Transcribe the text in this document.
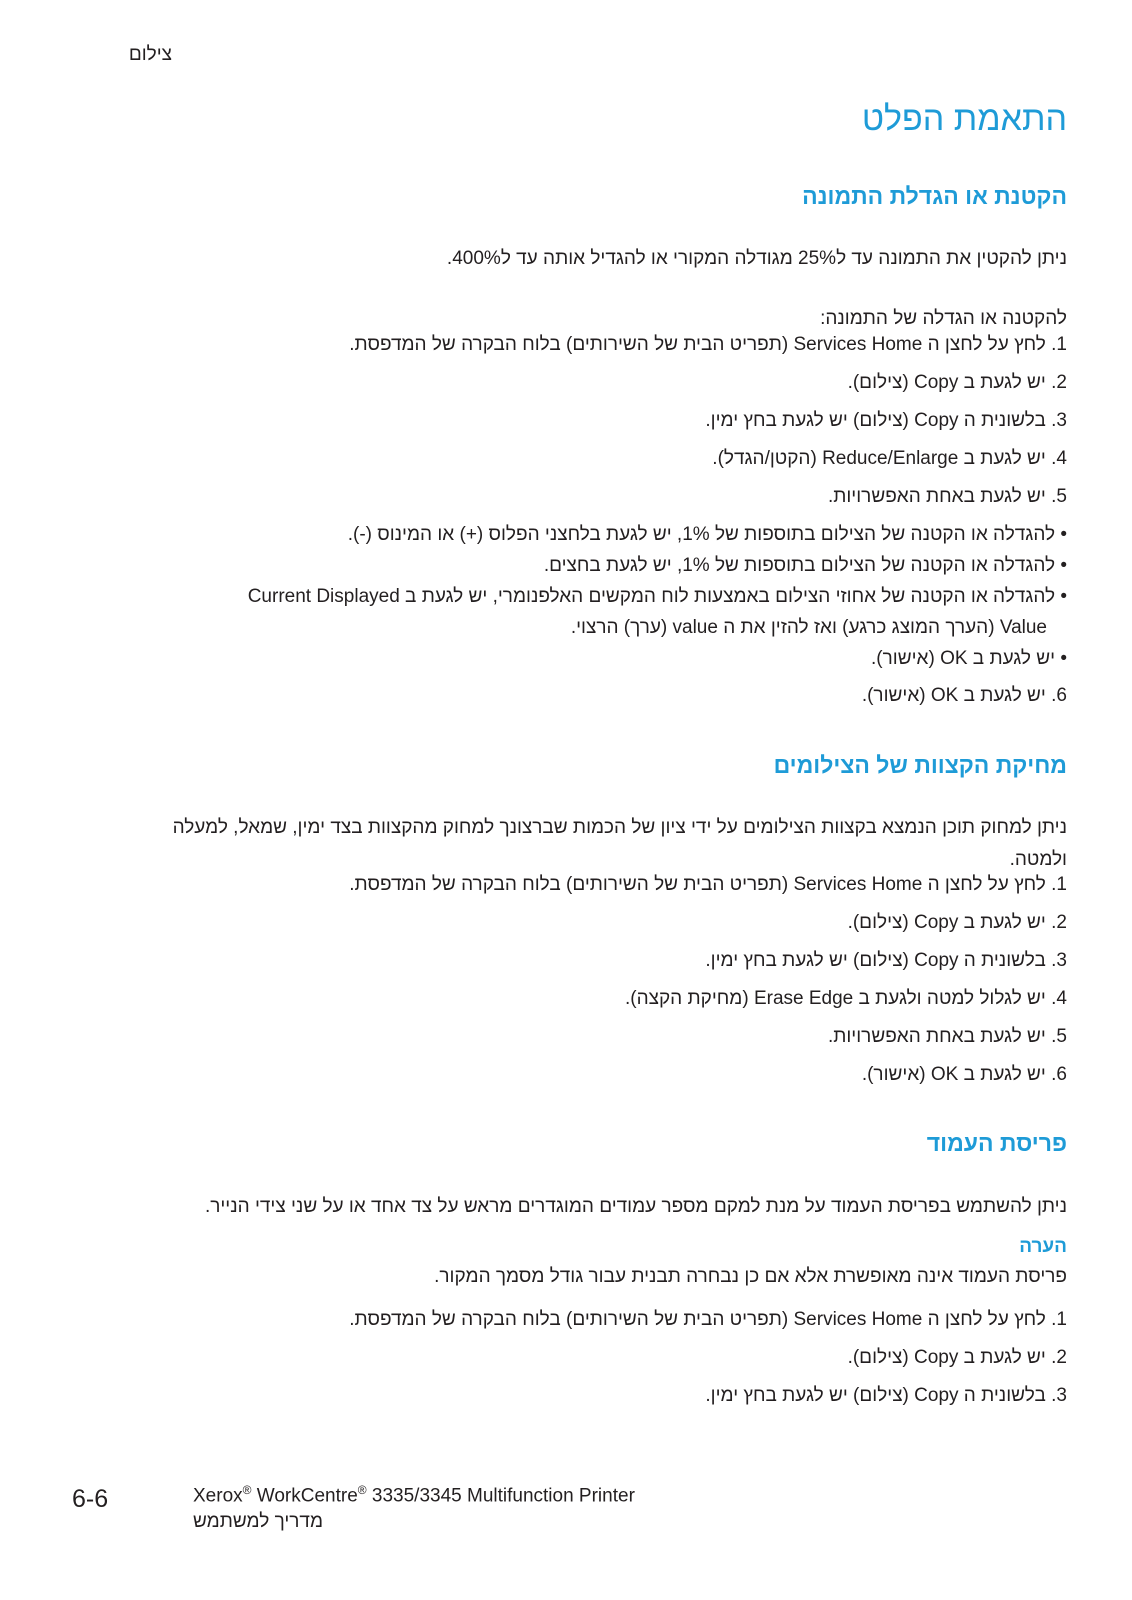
צילום
התאמת הפלט
הקטנת או הגדלת התמונה
ניתן להקטין את התמונה עד ל‎25%‎ מגודלה המקורי או להגדיל אותה עד ל‎400%‎.
להקטנה או הגדלה של התמונה:
1. לחץ על לחצן ה Services Home (תפריט הבית של השירותים) בלוח הבקרה של המדפסת.
2. יש לגעת ב Copy (צילום).
3. בלשונית ה Copy (צילום) יש לגעת בחץ ימין.
4. יש לגעת ב Reduce/Enlarge (הקטן/הגדל).
5. יש לגעת באחת האפשרויות.
• להגדלה או הקטנה של הצילום בתוספות של ‎1%‎, יש לגעת בלחצני הפלוס (+) או המינוס (-).
• להגדלה או הקטנה של הצילום בתוספות של ‎1%‎, יש לגעת בחצים.
• להגדלה או הקטנה של אחוזי הצילום באמצעות לוח המקשים האלפנומרי, יש לגעת ב Current Displayed
Value (הערך המוצג כרגע) ואז להזין את ה value (ערך) הרצוי.
• יש לגעת ב OK (אישור).
6. יש לגעת ב OK (אישור).
מחיקת הקצוות של הצילומים
ניתן למחוק תוכן הנמצא בקצוות הצילומים על ידי ציון של הכמות שברצונך למחוק מהקצוות בצד ימין, שמאל, למעלה
ולמטה.
1. לחץ על לחצן ה Services Home (תפריט הבית של השירותים) בלוח הבקרה של המדפסת.
2. יש לגעת ב Copy (צילום).
3. בלשונית ה Copy (צילום) יש לגעת בחץ ימין.
4. יש לגלול למטה ולגעת ב Erase Edge (מחיקת הקצה).
5. יש לגעת באחת האפשרויות.
6. יש לגעת ב OK (אישור).
פריסת העמוד
ניתן להשתמש בפריסת העמוד על מנת למקם מספר עמודים המוגדרים מראש על צד אחד או על שני צידי הנייר.
הערה
פריסת העמוד אינה מאופשרת אלא אם כן נבחרה תבנית עבור גודל מסמך המקור.
1. לחץ על לחצן ה Services Home (תפריט הבית של השירותים) בלוח הבקרה של המדפסת.
2. יש לגעת ב Copy (צילום).
3. בלשונית ה Copy (צילום) יש לגעת בחץ ימין.
6-6	Xerox® WorkCentre® 3335/3345 Multifunction Printer
מדריך למשתמש
